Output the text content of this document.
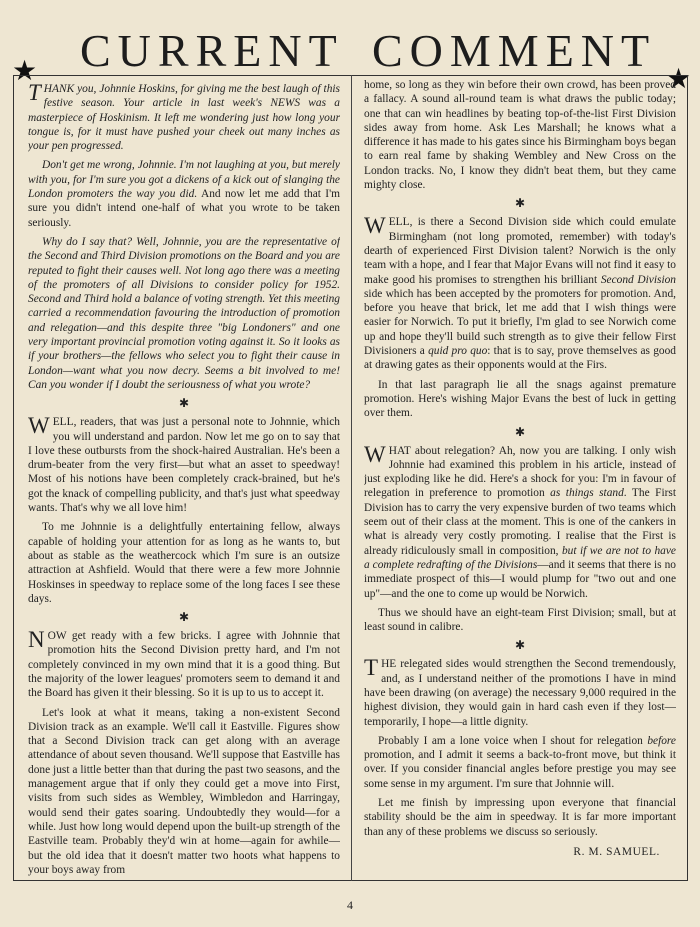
★ CURRENT COMMENT
★

THANK you, Johnnie Hoskins, for giving me the best laugh of this festive season. Your article in last week's NEWS was a masterpiece of Hoskinism. It left me wondering just how long your tongue is, for it must have pushed your cheek out many inches as your pen progressed.

Don't get me wrong, Johnnie. I'm not laughing at you, but merely with you, for I'm sure you got a dickens of a kick out of slanging the London promoters the way you did. And now let me add that I'm sure you didn't intend one-half of what you wrote to be taken seriously.

Why do I say that? Well, Johnnie, you are the representative of the Second and Third Division promotions on the Board and you are reputed to fight their causes well. Not long ago there was a meeting of the promoters of all Divisions to consider policy for 1952. Second and Third hold a balance of voting strength. Yet this meeting carried a recommendation favouring the introduction of promotion and relegation—and this despite three "big Londoners" and one very important provincial promotion voting against it. So it looks as if your brothers—the fellows who select you to fight their cause in London—want what you now decry. Seems a bit involved to me! Can you wonder if I doubt the seriousness of what you wrote?

✱

WELL, readers, that was just a personal note to Johnnie, which you will understand and pardon. Now let me go on to say that I love these outbursts from the shock-haired Australian. He's been a drum-beater from the very first—but what an asset to speedway! Most of his notions have been completely crack-brained, but he's got the knack of compelling publicity, and that's just what speedway wants. That's why we all love him!

To me Johnnie is a delightfully entertaining fellow, always capable of holding your attention for as long as he wants to, but about as stable as the weathercock which I'm sure is an outsize attraction at Ashfield. Would that there were a few more Johnnie Hoskinses in speedway to replace some of the long faces I see these days.

✱

NOW get ready with a few bricks. I agree with Johnnie that promotion hits the Second Division pretty hard, and I'm not completely convinced in my own mind that it is a good thing. But the majority of the lower leagues' promoters seem to demand it and the Board has given it their blessing. So it is up to us to accept it.

Let's look at what it means, taking a non-existent Second Division track as an example. We'll call it Eastville. Figures show that a Second Division track can get along with an average attendance of about seven thousand. We'll suppose that Eastville has done just a little better than that during the past two seasons, and the management argue that if only they could get a move into First, visits from such sides as Wembley, Wimbledon and Harringay, would send their gates soaring. Undoubtedly they would—for a while. Just how long would depend upon the built-up strength of the Eastville team. Probably they'd win at home—again for awhile—but the old idea that it doesn't matter two hoots what happens to your boys away from

home, so long as they win before their own crowd, has been proved a fallacy. A sound all-round team is what draws the public today; one that can win headlines by beating top-of-the-list First Division sides away from home. Ask Les Marshall; he knows what a difference it has made to his gates since his Birmingham boys began to earn real fame by shaking Wembley and New Cross on the London tracks. No, I know they didn't beat them, but they came mighty close.

✱

WELL, is there a Second Division side which could emulate Birmingham (not long promoted, remember) with today's dearth of experienced First Division talent? Norwich is the only team with a hope, and I fear that Major Evans will not find it easy to make good his promises to strengthen his brilliant Second Division side which has been accepted by the promoters for promotion. And, before you heave that brick, let me add that I wish things were easier for Norwich. To put it briefly, I'm glad to see Norwich come up and hope they'll build such strength as to give their fellow First Divisioners a quid pro quo: that is to say, prove themselves as good at drawing gates as their opponents would at the Firs.

In that last paragraph lie all the snags against premature promotion. Here's wishing Major Evans the best of luck in getting over them.

✱

WHAT about relegation? Ah, now you are talking. I only wish Johnnie had examined this problem in his article, instead of just exploding like he did. Here's a shock for you: I'm in favour of relegation in preference to promotion as things stand. The First Division has to carry the very expensive burden of two teams which seem out of their class at the moment. This is one of the cankers in what is already very costly promoting. I realise that the First is already ridiculously small in composition, but if we are not to have a complete redrafting of the Divisions—and it seems that there is no immediate prospect of this—I would plump for "two out and one up"—and the one to come up would be Norwich.

Thus we should have an eight-team First Division; small, but at least sound in calibre.

✱

THE relegated sides would strengthen the Second tremendously, and, as I understand neither of the promotions I have in mind have been drawing (on average) the necessary 9,000 required in the highest division, they would gain in hard cash even if they lost—temporarily, I hope—a little dignity.

Probably I am a lone voice when I shout for relegation before promotion, and I admit it seems a back-to-front move, but think it over. If you consider financial angles before prestige you may see some sense in my argument. I'm sure that Johnnie will.

Let me finish by impressing upon everyone that financial stability should be the aim in speedway. It is far more important than any of these problems we discuss so seriously.

R. M. SAMUEL.
4
